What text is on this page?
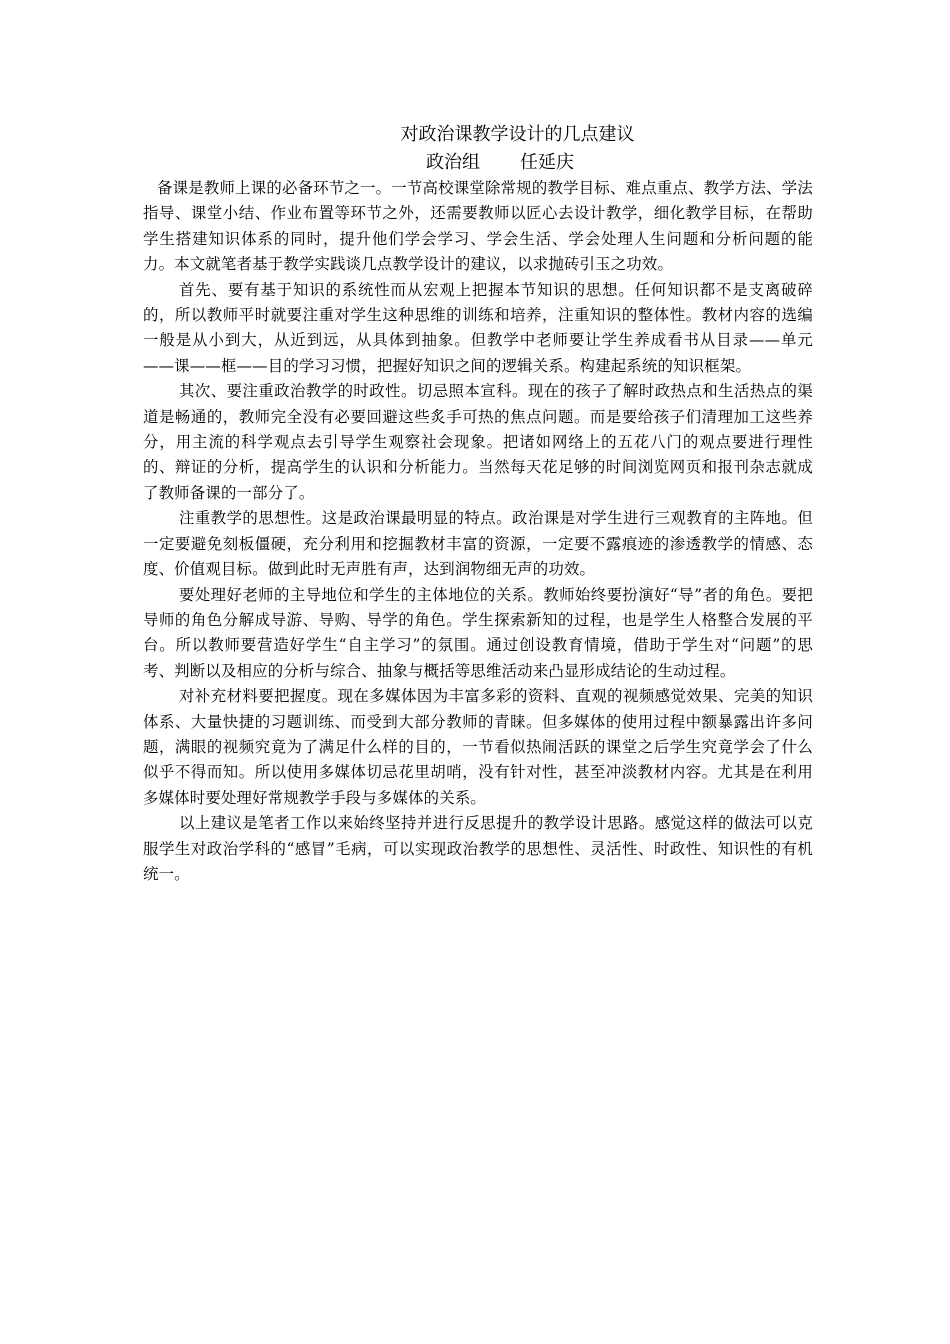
对政治课教学设计的几点建议
政治组 任延庆

备课是教师上课的必备环节之一。一节高校课堂除常规的教学目标、难点重点、教学方法、学法指导、课堂小结、作业布置等环节之外，还需要教师以匠心去设计教学，细化教学目标，在帮助学生搭建知识体系的同时，提升他们学会学习、学会生活、学会处理人生问题和分析问题的能力。本文就笔者基于教学实践谈几点教学设计的建议，以求抛砖引玉之功效。

首先、要有基于知识的系统性而从宏观上把握本节知识的思想。任何知识都不是支离破碎的，所以教师平时就要注重对学生这种思维的训练和培养，注重知识的整体性。教材内容的选编一般是从小到大，从近到远，从具体到抽象。但教学中老师要让学生养成看书从目录——单元——课——框——目的学习习惯，把握好知识之间的逻辑关系。构建起系统的知识框架。

其次、要注重政治教学的时政性。切忌照本宣科。现在的孩子了解时政热点和生活热点的渠道是畅通的，教师完全没有必要回避这些炙手可热的焦点问题。而是要给孩子们清理加工这些养分，用主流的科学观点去引导学生观察社会现象。把诸如网络上的五花八门的观点要进行理性的、辩证的分析，提高学生的认识和分析能力。当然每天花足够的时间浏览网页和报刊杂志就成了教师备课的一部分了。

注重教学的思想性。这是政治课最明显的特点。政治课是对学生进行三观教育的主阵地。但一定要避免刻板僵硬，充分利用和挖掘教材丰富的资源，一定要不露痕迹的渗透教学的情感、态度、价值观目标。做到此时无声胜有声，达到润物细无声的功效。

要处理好老师的主导地位和学生的主体地位的关系。教师始终要扮演好“导”者的角色。要把导师的角色分解成导游、导购、导学的角色。学生探索新知的过程，也是学生人格整合发展的平台。所以教师要营造好学生“自主学习”的氛围。通过创设教育情境，借助于学生对“问题”的思考、判断以及相应的分析与综合、抽象与概括等思维活动来凸显形成结论的生动过程。

对补充材料要把握度。现在多媒体因为丰富多彩的资料、直观的视频感觉效果、完美的知识体系、大量快捷的习题训练、而受到大部分教师的青睐。但多媒体的使用过程中额暴露出许多问题，满眼的视频究竟为了满足什么样的目的，一节看似热闹活跃的课堂之后学生究竟学会了什么似乎不得而知。所以使用多媒体切忌花里胡哨，没有针对性，甚至冲淡教材内容。尤其是在利用多媒体时要处理好常规教学手段与多媒体的关系。

以上建议是笔者工作以来始终坚持并进行反思提升的教学设计思路。感觉这样的做法可以克服学生对政治学科的“感冒”毛病，可以实现政治教学的思想性、灵活性、时政性、知识性的有机统一。
